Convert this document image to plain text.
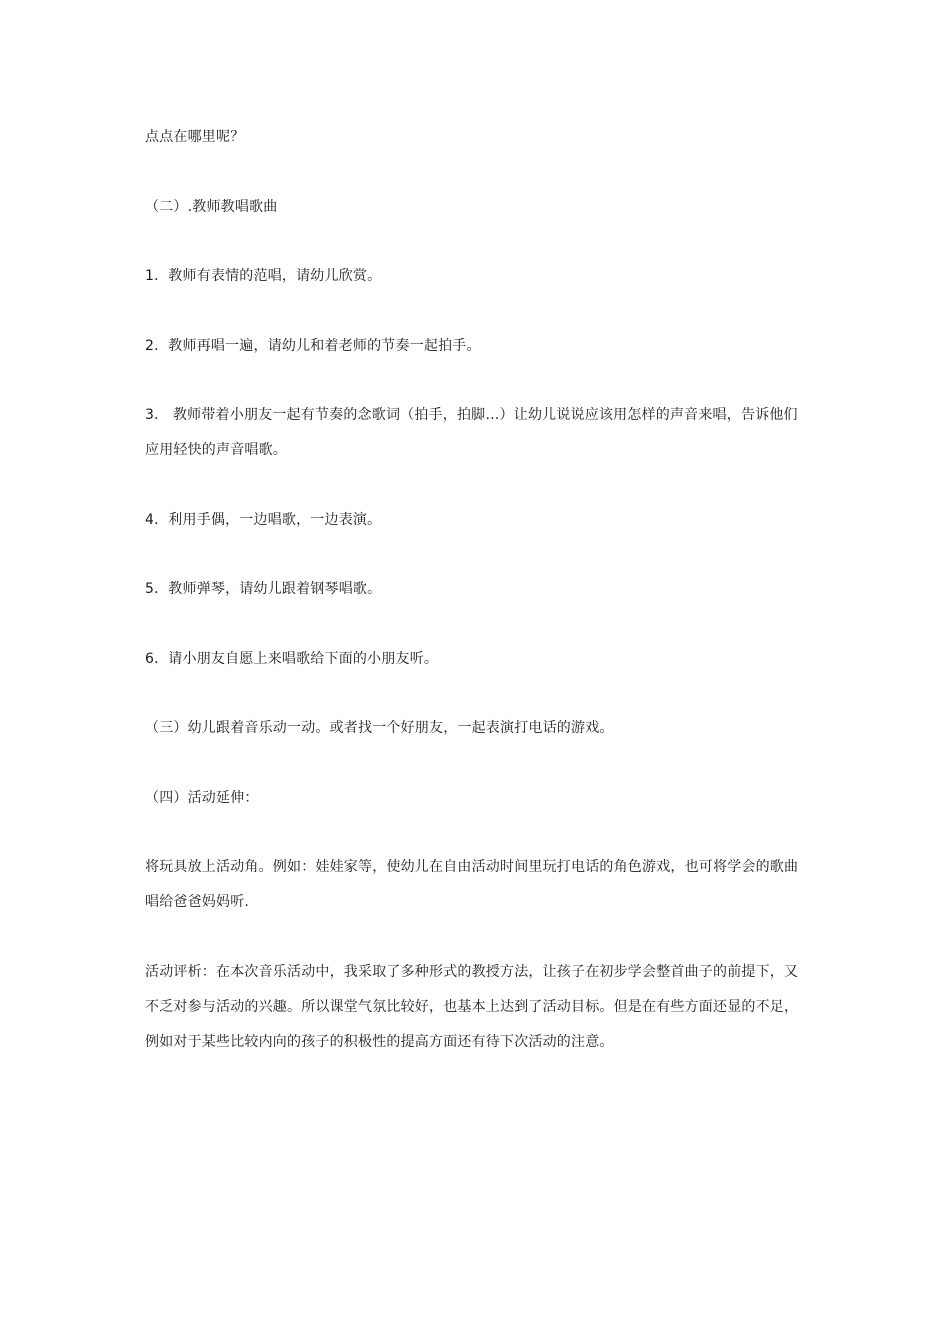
点点在哪里呢？
（二）.教师教唱歌曲
1．教师有表情的范唱，请幼儿欣赏。
2．教师再唱一遍，请幼儿和着老师的节奏一起拍手。
3． 教师带着小朋友一起有节奏的念歌词（拍手，拍脚…）让幼儿说说应该用怎样的声音来唱，告诉他们应用轻快的声音唱歌。
4．利用手偶，一边唱歌，一边表演。
5．教师弹琴，请幼儿跟着钢琴唱歌。
6．请小朋友自愿上来唱歌给下面的小朋友听。
（三）幼儿跟着音乐动一动。或者找一个好朋友，一起表演打电话的游戏。
（四）活动延伸：
将玩具放上活动角。例如：娃娃家等，使幼儿在自由活动时间里玩打电话的角色游戏，也可将学会的歌曲唱给爸爸妈妈听.
活动评析：在本次音乐活动中，我采取了多种形式的教授方法，让孩子在初步学会整首曲子的前提下，又不乏对参与活动的兴趣。所以课堂气氛比较好，也基本上达到了活动目标。但是在有些方面还显的不足，例如对于某些比较内向的孩子的积极性的提高方面还有待下次活动的注意。
